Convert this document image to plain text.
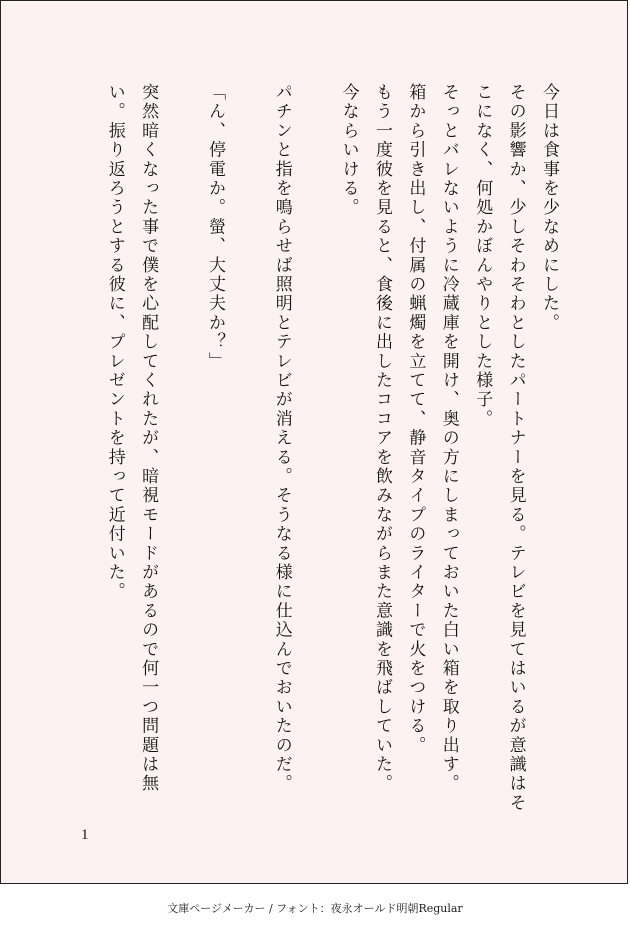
今日は食事を少なめにした。

その影響か、少しそわそわとしたパートナーを見る。テレビを見てはいるが意識はそこになく、何処かぼんやりとした様子。

そっとバレないように冷蔵庫を開け、奥の方にしまっておいた白い箱を取り出す。

箱から引き出し、付属の蝋燭を立てて、静音タイプのライターで火をつける。

もう一度彼を見ると、食後に出したココアを飲みながらまた意識を飛ばしていた。

今ならいける。

パチンと指を鳴らせば照明とテレビが消える。そうなる様に仕込んでおいたのだ。

「ん、停電か。螢、大丈夫か？」

突然暗くなった事で僕を心配してくれたが、暗視モードがあるので何一つ問題は無い。振り返ろうとする彼に、プレゼントを持って近付いた。

1
文庫ページメーカー / フォント：夜永オールド明朝Regular
